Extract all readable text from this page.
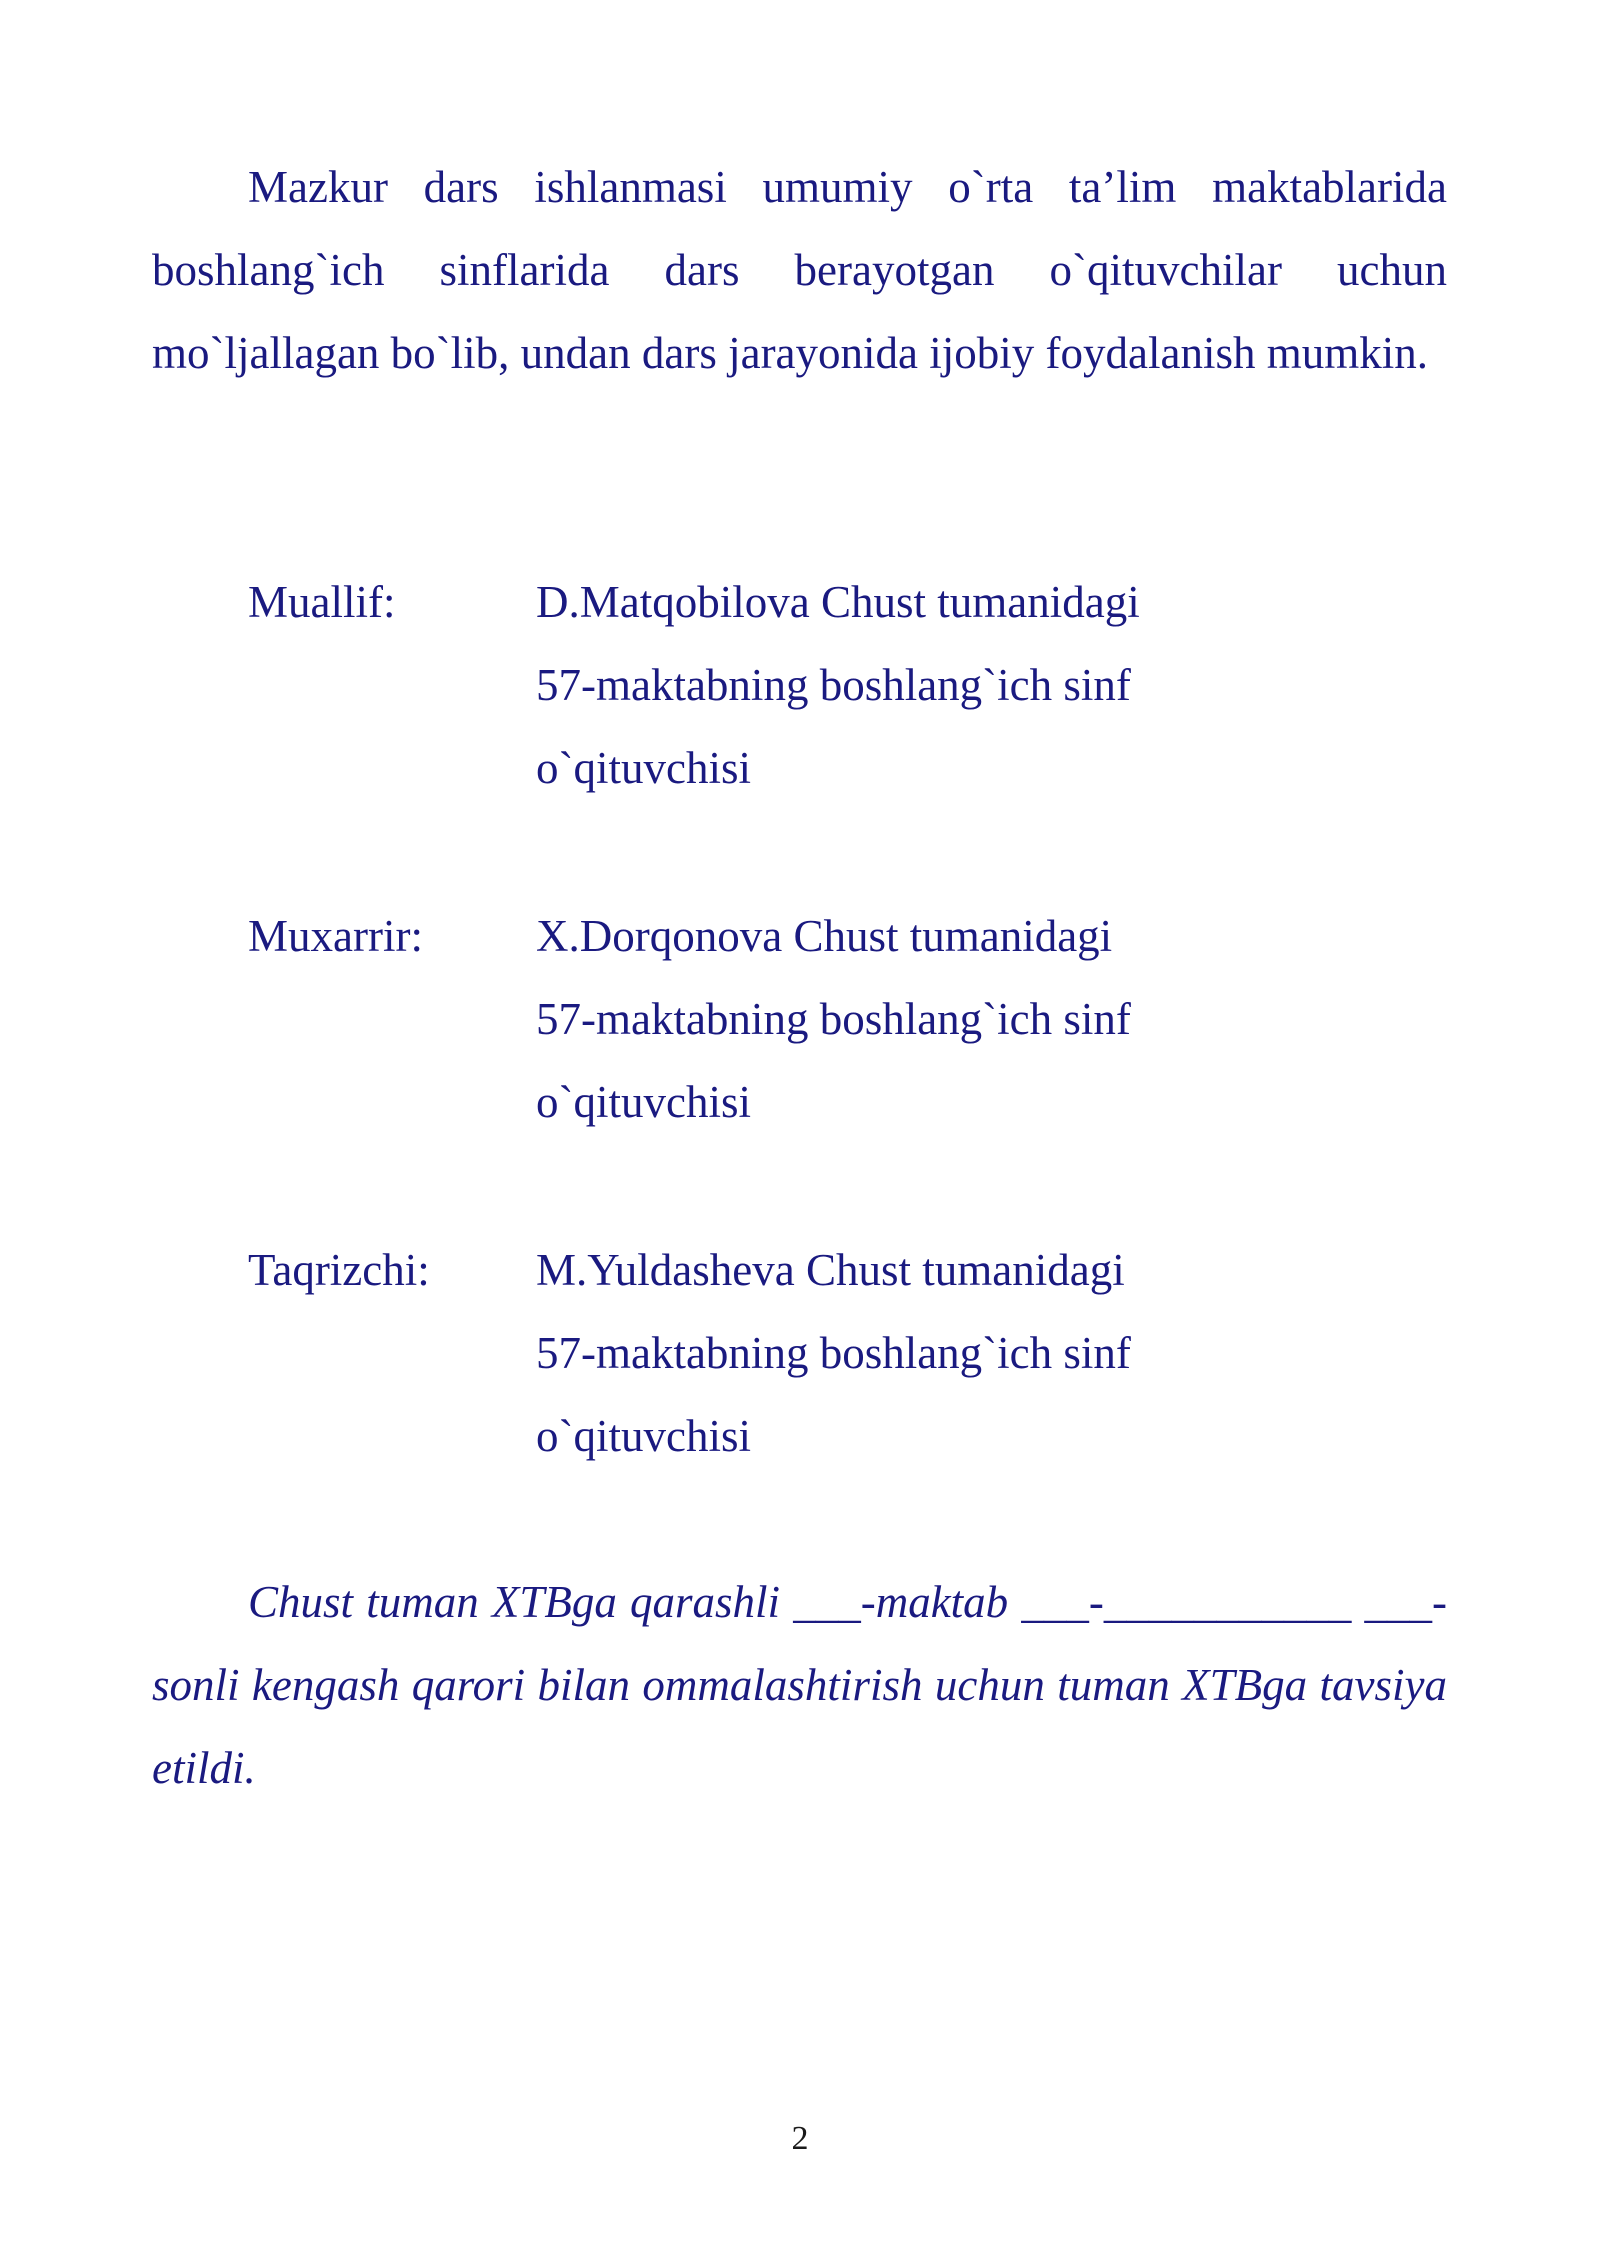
Mazkur dars ishlanmasi umumiy o`rta ta’lim maktablarida boshlang`ich sinflarida dars berayotgan o`qituvchilar uchun mo`ljallagan bo`lib, undan dars jarayonida ijobiy foydalanish mumkin.

Muallif:	D.Matqobilova Chust tumanidagi
57-maktabning boshlang`ich sinf
o`qituvchisi
Muxarrir:	X.Dorqonova Chust tumanidagi
57-maktabning boshlang`ich sinf
o`qituvchisi
Taqrizchi: M.Yuldasheva Chust tumanidagi
57-maktabning boshlang`ich sinf
o`qituvchisi

Chust tuman XTBga qarashli ___-maktab ___-___________ ___-sonli kengash qarori bilan ommalashtirish uchun tuman XTBga tavsiya etildi.

2
